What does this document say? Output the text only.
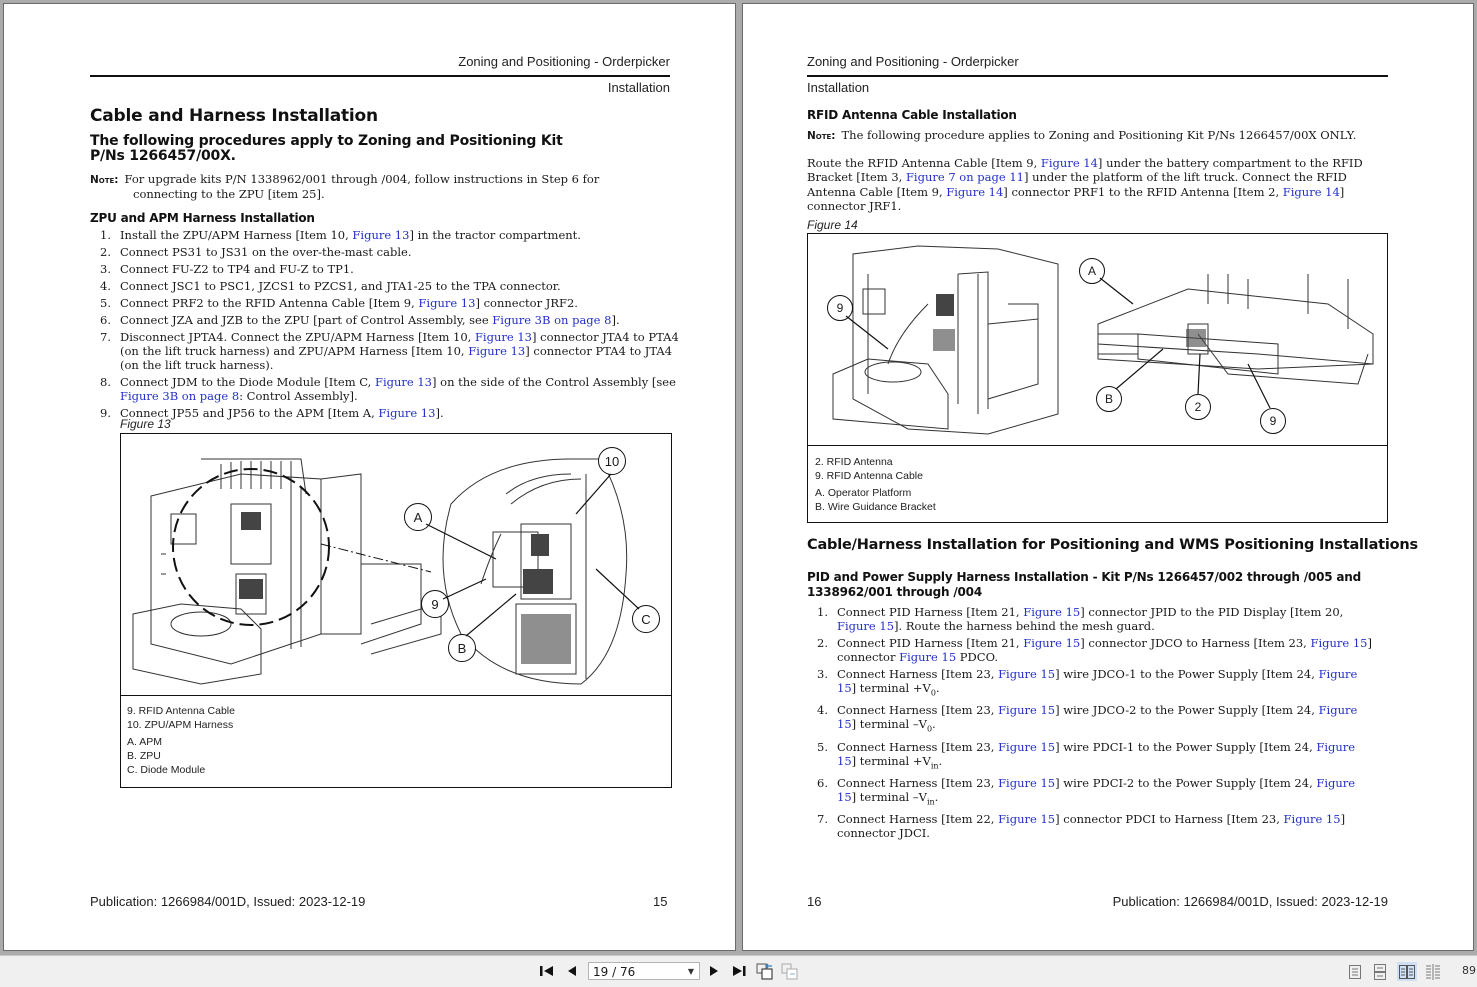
Zoning and Positioning - Orderpicker
Installation
Cable and Harness Installation
The following procedures apply to Zoning and Positioning Kit
P/Ns 1266457/00X.
Note: For upgrade kits P/N 1338962/001 through /004, follow instructions in Step 6 for
connecting to the ZPU [item 25].
ZPU and APM Harness Installation
1. Install the ZPU/APM Harness [Item 10, Figure 13] in the tractor compartment.
2. Connect PS31 to JS31 on the over-the-mast cable.
3. Connect FU-Z2 to TP4 and FU-Z to TP1.
4. Connect JSC1 to PSC1, JZCS1 to PZCS1, and JTA1-25 to the TPA connector.
5. Connect PRF2 to the RFID Antenna Cable [Item 9, Figure 13] connector JRF2.
6. Connect JZA and JZB to the ZPU [part of Control Assembly, see Figure 3B on page 8].
7. Disconnect JPTA4. Connect the ZPU/APM Harness [Item 10, Figure 13] connector JTA4 to PTA4 (on the lift truck harness) and ZPU/APM Harness [Item 10, Figure 13] connector PTA4 to JTA4 (on the lift truck harness).
8. Connect JDM to the Diode Module [Item C, Figure 13] on the side of the Control Assembly [see Figure 3B on page 8: Control Assembly].
9. Connect JP55 and JP56 to the APM [Item A, Figure 13].
Figure 13
10
A
9
B
C
9. RFID Antenna Cable
10. ZPU/APM Harness
A. APM
B. ZPU
C. Diode Module
Publication: 1266984/001D, Issued: 2023-12-19	15
Zoning and Positioning - Orderpicker
Installation
RFID Antenna Cable Installation
Note: The following procedure applies to Zoning and Positioning Kit P/Ns 1266457/00X ONLY.
Route the RFID Antenna Cable [Item 9, Figure 14] under the battery compartment to the RFID Bracket [Item 3, Figure 7 on page 11] under the platform of the lift truck. Connect the RFID Antenna Cable [Item 9, Figure 14] connector PRF1 to the RFID Antenna [Item 2, Figure 14] connector JRF1.
Figure 14
9
A
B
2
9
2. RFID Antenna
9. RFID Antenna Cable
A. Operator Platform
B. Wire Guidance Bracket
Cable/Harness Installation for Positioning and WMS Positioning Installations
PID and Power Supply Harness Installation - Kit P/Ns 1266457/002 through /005 and
1338962/001 through /004
1. Connect PID Harness [Item 21, Figure 15] connector JPID to the PID Display [Item 20, Figure 15]. Route the harness behind the mesh guard.
2. Connect PID Harness [Item 21, Figure 15] connector JDCO to Harness [Item 23, Figure 15] connector Figure 15 PDCO.
3. Connect Harness [Item 23, Figure 15] wire JDCO-1 to the Power Supply [Item 24, Figure 15] terminal $+V_0$.
4. Connect Harness [Item 23, Figure 15] wire JDCO-2 to the Power Supply [Item 24, Figure 15] terminal $-V_0$.
5. Connect Harness [Item 23, Figure 15] wire PDCI-1 to the Power Supply [Item 24, Figure 15] terminal $+V_{in}$.
6. Connect Harness [Item 23, Figure 15] wire PDCI-2 to the Power Supply [Item 24, Figure 15] terminal $-V_{in}$.
7. Connect Harness [Item 22, Figure 15] connector PDCI to Harness [Item 23, Figure 15] connector JDCI.
16	Publication: 1266984/001D, Issued: 2023-12-19
19 / 76	▼	89
